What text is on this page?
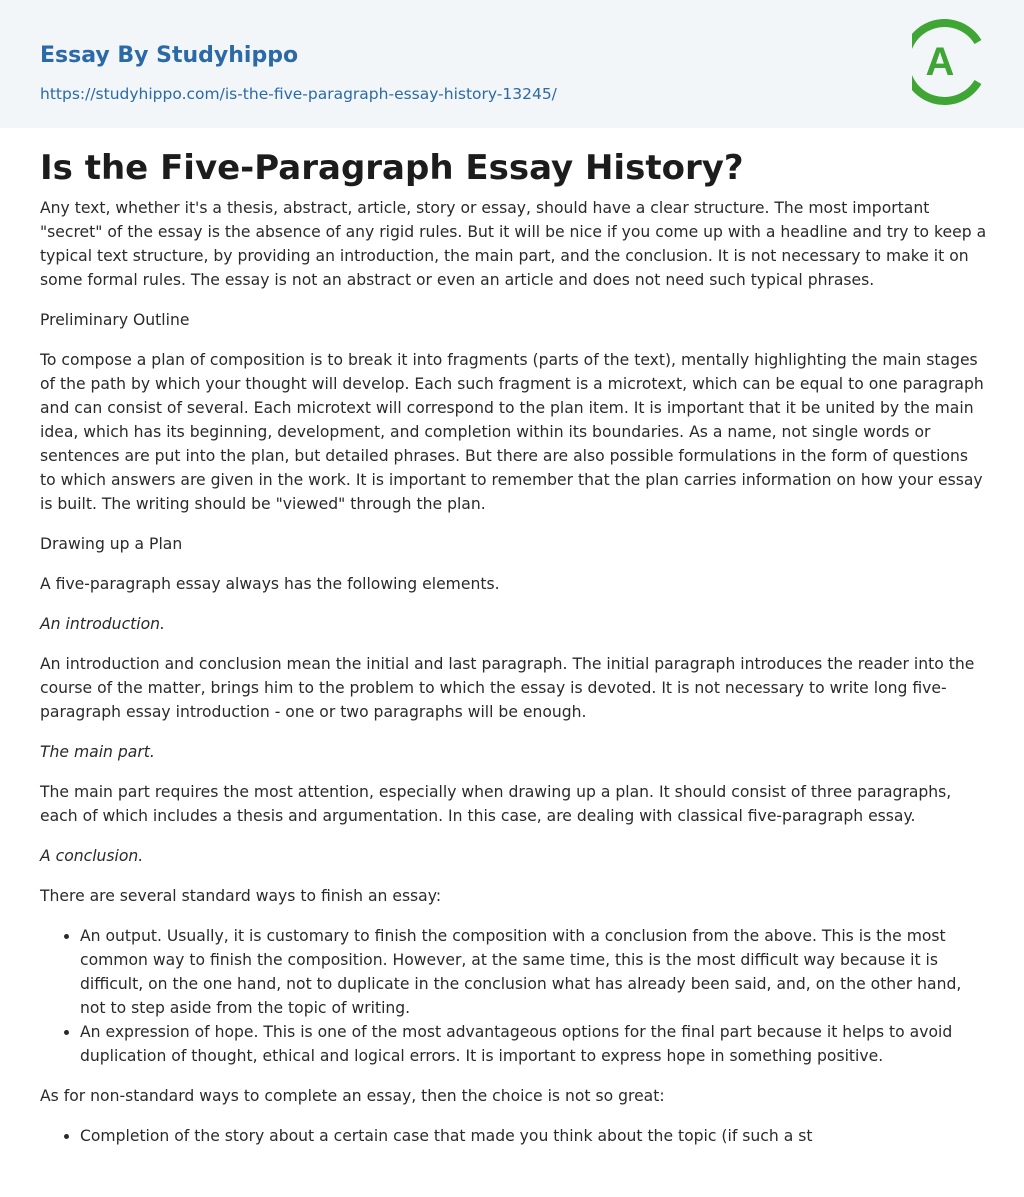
Essay By Studyhippo
https://studyhippo.com/is-the-five-paragraph-essay-history-13245/
A
Is the Five-Paragraph Essay History?

Any text, whether it's a thesis, abstract, article, story or essay, should have a clear structure. The most important "secret" of the essay is the absence of any rigid rules. But it will be nice if you come up with a headline and try to keep a typical text structure, by providing an introduction, the main part, and the conclusion. It is not necessary to make it on some formal rules. The essay is not an abstract or even an article and does not need such typical phrases.

Preliminary Outline

To compose a plan of composition is to break it into fragments (parts of the text), mentally highlighting the main stages of the path by which your thought will develop. Each such fragment is a microtext, which can be equal to one paragraph and can consist of several. Each microtext will correspond to the plan item. It is important that it be united by the main idea, which has its beginning, development, and completion within its boundaries. As a name, not single words or sentences are put into the plan, but detailed phrases. But there are also possible formulations in the form of questions to which answers are given in the work. It is important to remember that the plan carries information on how your essay is built. The writing should be "viewed" through the plan.

Drawing up a Plan

A five-paragraph essay always has the following elements.

An introduction.

An introduction and conclusion mean the initial and last paragraph. The initial paragraph introduces the reader into the course of the matter, brings him to the problem to which the essay is devoted. It is not necessary to write long five-paragraph essay introduction - one or two paragraphs will be enough.

The main part.

The main part requires the most attention, especially when drawing up a plan. It should consist of three paragraphs, each of which includes a thesis and argumentation. In this case, are dealing with classical five-paragraph essay.

A conclusion.

There are several standard ways to finish an essay:

• An output. Usually, it is customary to finish the composition with a conclusion from the above. This is the most common way to finish the composition. However, at the same time, this is the most difficult way because it is difficult, on the one hand, not to duplicate in the conclusion what has already been said, and, on the other hand, not to step aside from the topic of writing.
• An expression of hope. This is one of the most advantageous options for the final part because it helps to avoid duplication of thought, ethical and logical errors. It is important to express hope in something positive.

As for non-standard ways to complete an essay, then the choice is not so great:

• Completion of the story about a certain case that made you think about the topic (if such a st
